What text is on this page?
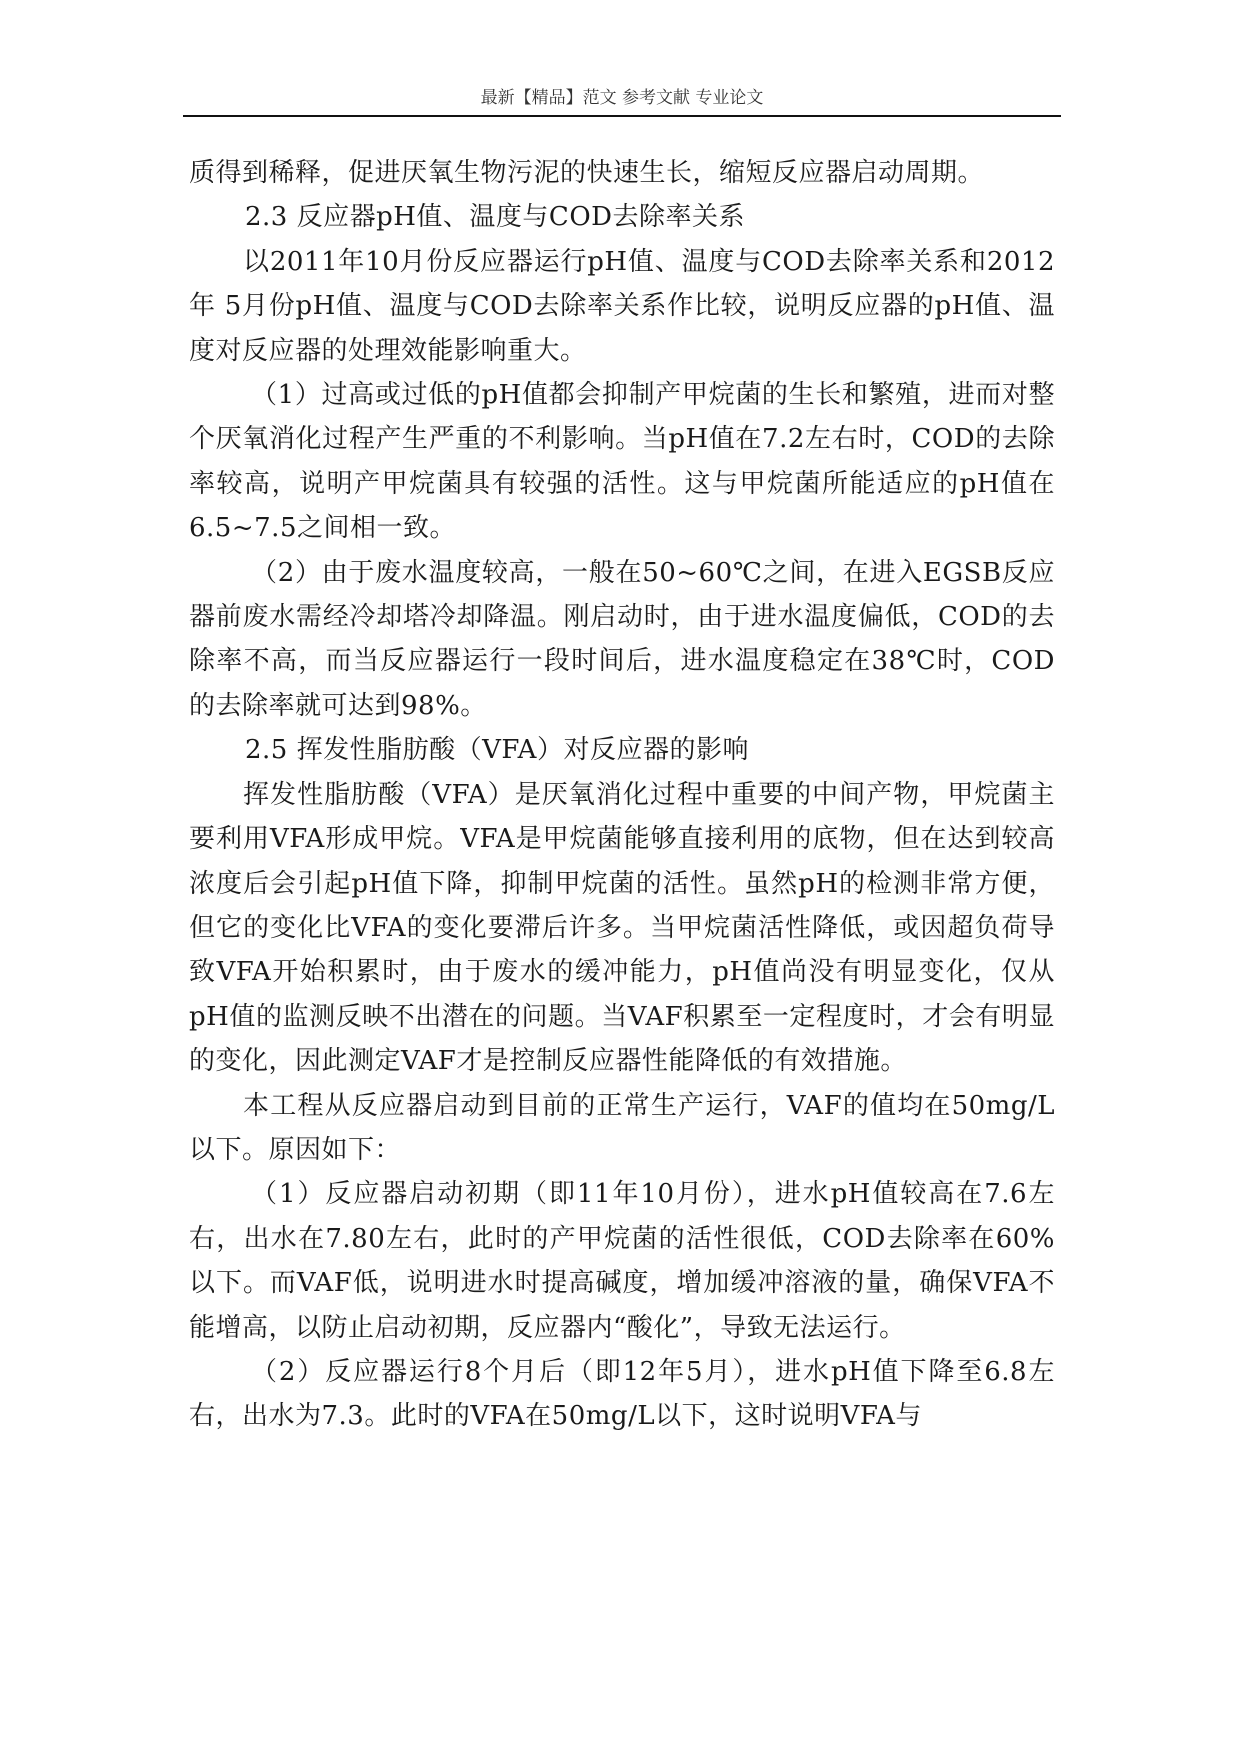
最新【精品】范文 参考文献 专业论文

质得到稀释，促进厌氧生物污泥的快速生长，缩短反应器启动周期。

2.3 反应器pH值、温度与COD去除率关系

以2011年10月份反应器运行pH值、温度与COD去除率关系和2012年 5月份pH值、温度与COD去除率关系作比较，说明反应器的pH值、温度对反应器的处理效能影响重大。

（1）过高或过低的pH值都会抑制产甲烷菌的生长和繁殖，进而对整个厌氧消化过程产生严重的不利影响。当pH值在7.2左右时，COD的去除率较高，说明产甲烷菌具有较强的活性。这与甲烷菌所能适应的pH值在6.5~7.5之间相一致。

（2）由于废水温度较高，一般在50~60℃之间，在进入EGSB反应器前废水需经冷却塔冷却降温。刚启动时，由于进水温度偏低，COD的去除率不高，而当反应器运行一段时间后，进水温度稳定在38℃时，COD的去除率就可达到98%。

2.5 挥发性脂肪酸（VFA）对反应器的影响

挥发性脂肪酸（VFA）是厌氧消化过程中重要的中间产物，甲烷菌主要利用VFA形成甲烷。VFA是甲烷菌能够直接利用的底物，但在达到较高浓度后会引起pH值下降，抑制甲烷菌的活性。虽然pH的检测非常方便，但它的变化比VFA的变化要滞后许多。当甲烷菌活性降低，或因超负荷导致VFA开始积累时，由于废水的缓冲能力，pH值尚没有明显变化，仅从pH值的监测反映不出潜在的问题。当VAF积累至一定程度时，才会有明显的变化，因此测定VAF才是控制反应器性能降低的有效措施。

本工程从反应器启动到目前的正常生产运行，VAF的值均在50mg/L以下。原因如下：

（1）反应器启动初期（即11年10月份），进水pH值较高在7.6左右，出水在7.80左右，此时的产甲烷菌的活性很低，COD去除率在60%以下。而VAF低，说明进水时提高碱度，增加缓冲溶液的量，确保VFA不能增高，以防止启动初期，反应器内“酸化”，导致无法运行。

（2）反应器运行8个月后（即12年5月），进水pH值下降至6.8左右，出水为7.3。此时的VFA在50mg/L以下，这时说明VFA与
